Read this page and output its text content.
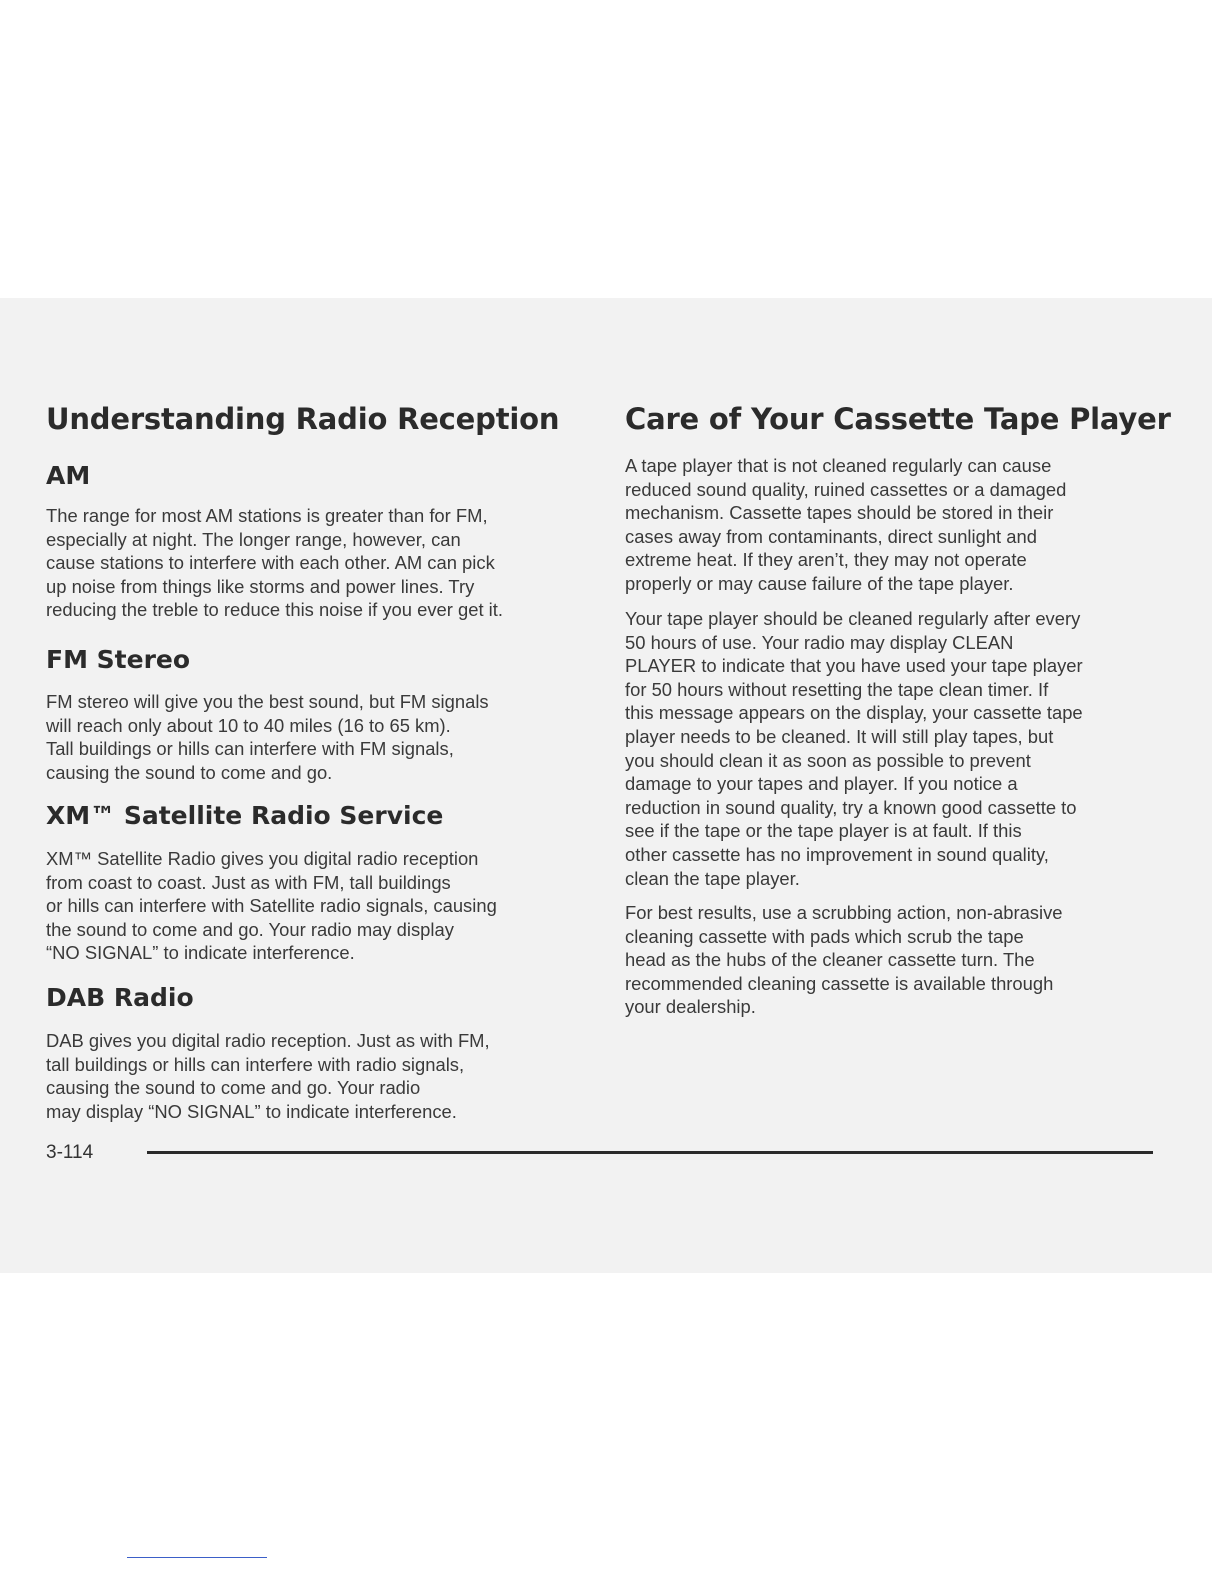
Understanding Radio Reception
AM
The range for most AM stations is greater than for FM,
especially at night. The longer range, however, can
cause stations to interfere with each other. AM can pick
up noise from things like storms and power lines. Try
reducing the treble to reduce this noise if you ever get it.
FM Stereo
FM stereo will give you the best sound, but FM signals
will reach only about 10 to 40 miles (16 to 65 km).
Tall buildings or hills can interfere with FM signals,
causing the sound to come and go.
XM™ Satellite Radio Service
XM™ Satellite Radio gives you digital radio reception
from coast to coast. Just as with FM, tall buildings
or hills can interfere with Satellite radio signals, causing
the sound to come and go. Your radio may display
“NO SIGNAL” to indicate interference.
DAB Radio
DAB gives you digital radio reception. Just as with FM,
tall buildings or hills can interfere with radio signals,
causing the sound to come and go. Your radio
may display “NO SIGNAL” to indicate interference.
Care of Your Cassette Tape Player
A tape player that is not cleaned regularly can cause
reduced sound quality, ruined cassettes or a damaged
mechanism. Cassette tapes should be stored in their
cases away from contaminants, direct sunlight and
extreme heat. If they aren’t, they may not operate
properly or may cause failure of the tape player.
Your tape player should be cleaned regularly after every
50 hours of use. Your radio may display CLEAN
PLAYER to indicate that you have used your tape player
for 50 hours without resetting the tape clean timer. If
this message appears on the display, your cassette tape
player needs to be cleaned. It will still play tapes, but
you should clean it as soon as possible to prevent
damage to your tapes and player. If you notice a
reduction in sound quality, try a known good cassette to
see if the tape or the tape player is at fault. If this
other cassette has no improvement in sound quality,
clean the tape player.
For best results, use a scrubbing action, non-abrasive
cleaning cassette with pads which scrub the tape
head as the hubs of the cleaner cassette turn. The
recommended cleaning cassette is available through
your dealership.
3-114
